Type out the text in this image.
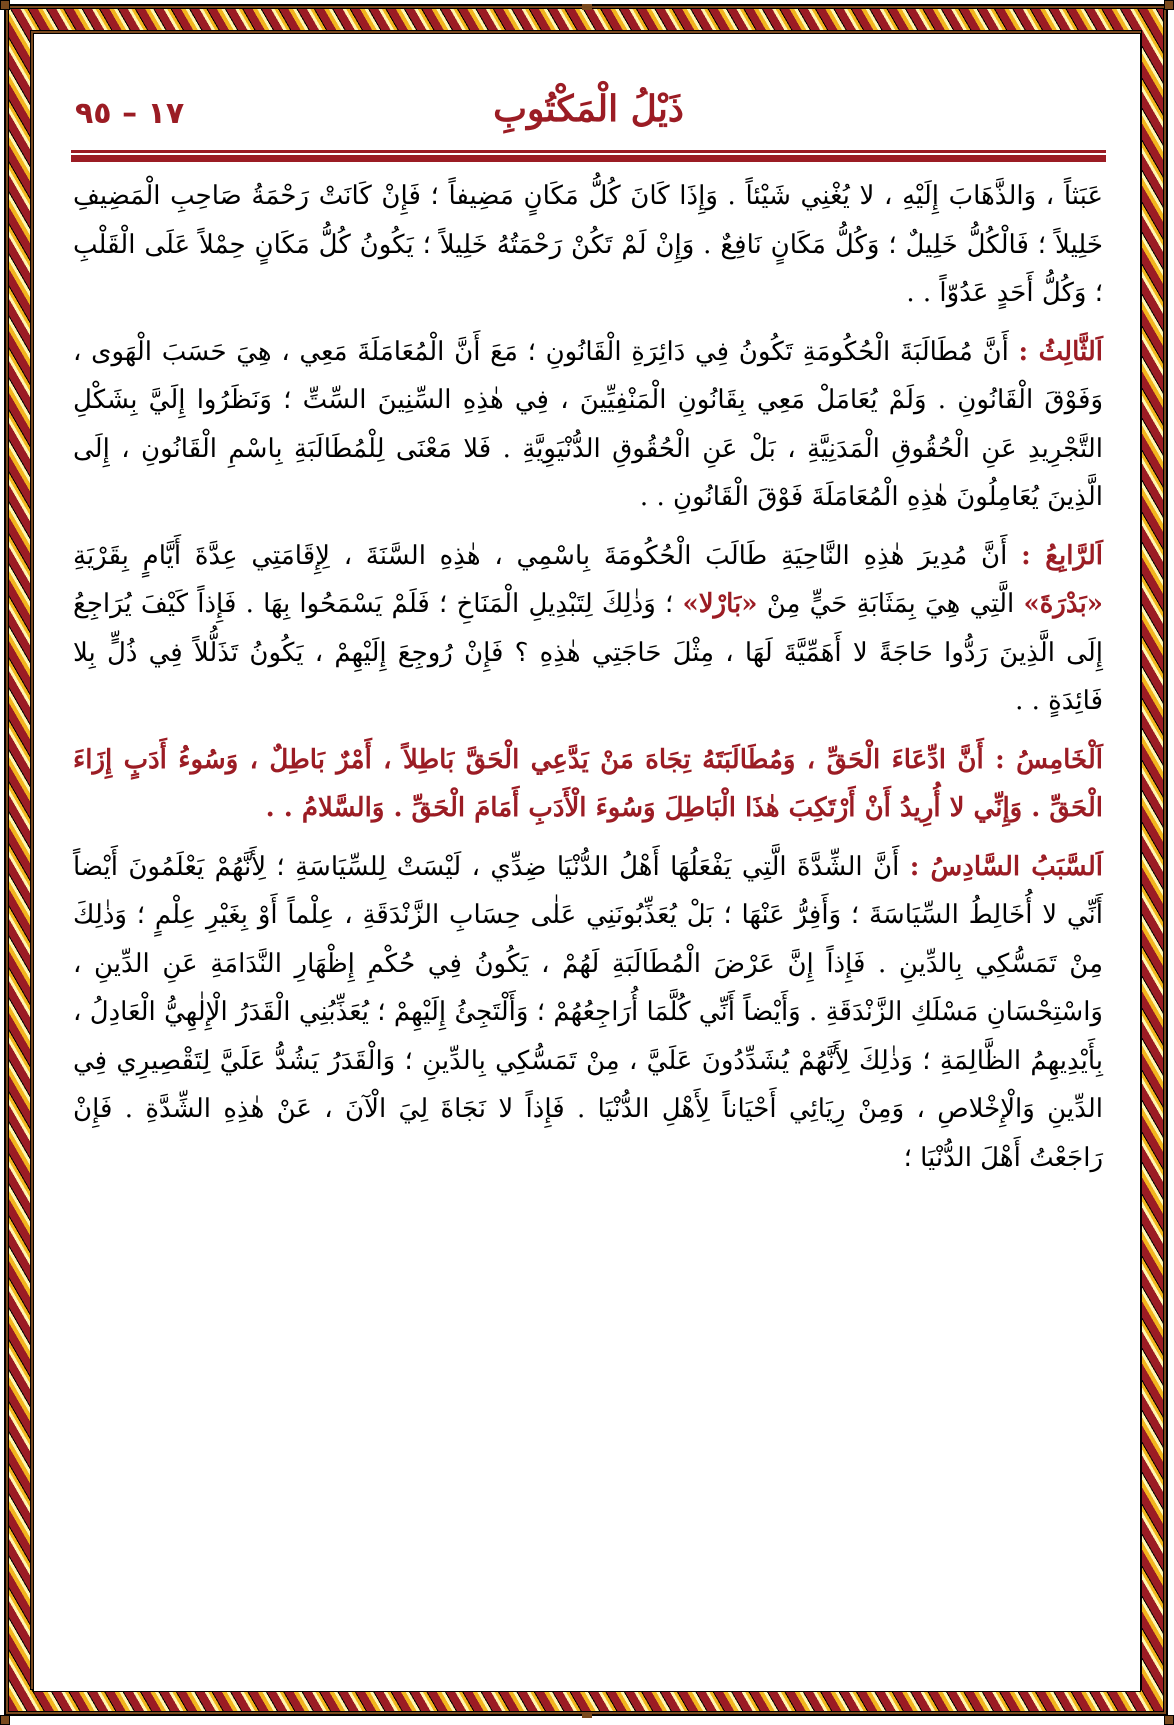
١٧ – ٩٥	ذَيْلُ الْمَكْتُوبِ

عَبَثاً ، وَالذَّهَابَ إِلَيْهِ ، لا يُغْنِي شَيْئاً . وَإِذَا كَانَ كُلُّ مَكَانٍ مَضِيفاً ؛ فَإِنْ كَانَتْ رَحْمَةُ صَاحِبِ الْمَضِيفِ خَلِيلاً ؛ فَالْكُلُّ خَلِيلٌ ؛ وَكُلُّ مَكَانٍ نَافِعٌ . وَإِنْ لَمْ تَكُنْ رَحْمَتُهُ خَلِيلاً ؛ يَكُونُ كُلُّ مَكَانٍ حِمْلاً عَلَى الْقَلْبِ ؛ وَكُلُّ أَحَدٍ عَدُوّاً . .

اَلثَّالِثُ : أَنَّ مُطَالَبَةَ الْحُكُومَةِ تَكُونُ فِي دَائِرَةِ الْقَانُونِ ؛ مَعَ أَنَّ الْمُعَامَلَةَ مَعِي ، هِيَ حَسَبَ الْهَوى ، وَفَوْقَ الْقَانُونِ . وَلَمْ يُعَامَلْ مَعِي بِقَانُونِ الْمَنْفِيِّينَ ، فِي هٰذِهِ السِّنِينَ السِّتِّ ؛ وَنَظَرُوا إِلَيَّ بِشَكْلِ التَّجْرِيدِ عَنِ الْحُقُوقِ الْمَدَنِيَّةِ ، بَلْ عَنِ الْحُقُوقِ الدُّنْيَوِيَّةِ . فَلا مَعْنَى لِلْمُطَالَبَةِ بِاسْمِ الْقَانُونِ ، إِلَى الَّذِينَ يُعَامِلُونَ هٰذِهِ الْمُعَامَلَةَ فَوْقَ الْقَانُونِ . .

اَلرَّابِعُ : أَنَّ مُدِيرَ هٰذِهِ النَّاحِيَةِ طَالَبَ الْحُكُومَةَ بِاسْمِي ، هٰذِهِ السَّنَةَ ، لِإِقَامَتِي عِدَّةَ أَيَّامٍ بِقَرْيَةِ «بَدْرَةَ» الَّتِي هِيَ بِمَثَابَةِ حَيٍّ مِنْ «بَارْلا» ؛ وَذٰلِكَ لِتَبْدِيلِ الْمَنَاخِ ؛ فَلَمْ يَسْمَحُوا بِهَا . فَإِذاً كَيْفَ يُرَاجِعُ إِلَى الَّذِينَ رَدُّوا حَاجَةً لا أَهَمِّيَّةَ لَهَا ، مِثْلَ حَاجَتِي هٰذِهِ ؟ فَإِنْ رُوجِعَ إِلَيْهِمْ ، يَكُونُ تَذَلُّلاً فِي ذُلٍّ بِلا فَائِدَةٍ . .

اَلْخَامِسُ : أَنَّ ادِّعَاءَ الْحَقِّ ، وَمُطَالَبَتَهُ تِجَاهَ مَنْ يَدَّعِي الْحَقَّ بَاطِلاً ، أَمْرٌ بَاطِلٌ ، وَسُوءُ أَدَبٍ إِزَاءَ الْحَقِّ . وَإِنِّي لا أُرِيدُ أَنْ أَرْتَكِبَ هٰذَا الْبَاطِلَ وَسُوءَ الْأَدَبِ أَمَامَ الْحَقِّ . وَالسَّلامُ . .

اَلسَّبَبُ السَّادِسُ : أَنَّ الشِّدَّةَ الَّتِي يَفْعَلُهَا أَهْلُ الدُّنْيَا ضِدِّي ، لَيْسَتْ لِلسِّيَاسَةِ ؛ لِأَنَّهُمْ يَعْلَمُونَ أَيْضاً أَنِّي لا أُخَالِطُ السِّيَاسَةَ ؛ وَأَفِرُّ عَنْهَا ؛ بَلْ يُعَذِّبُونَنِي عَلٰى حِسَابِ الزَّنْدَقَةِ ، عِلْماً أَوْ بِغَيْرِ عِلْمٍ ؛ وَذٰلِكَ مِنْ تَمَسُّكِي بِالدِّينِ . فَإِذاً إِنَّ عَرْضَ الْمُطَالَبَةِ لَهُمْ ، يَكُونُ فِي حُكْمِ إِظْهَارِ النَّدَامَةِ عَنِ الدِّينِ ، وَاسْتِحْسَانِ مَسْلَكِ الزَّنْدَقَةِ . وَأَيْضاً أَنِّي كُلَّمَا أُرَاجِعُهُمْ ؛ وَأَلْتَجِئُ إِلَيْهِمْ ؛ يُعَذِّبُنِي الْقَدَرُ الْإِلٰهِيُّ الْعَادِلُ ، بِأَيْدِيهِمُ الظَّالِمَةِ ؛ وَذٰلِكَ لِأَنَّهُمْ يُشَدِّدُونَ عَلَيَّ ، مِنْ تَمَسُّكِي بِالدِّينِ ؛ وَالْقَدَرُ يَشُدُّ عَلَيَّ لِتَقْصِيرِي فِي الدِّينِ وَالْإِخْلاصِ ، وَمِنْ رِيَائِي أَحْيَاناً لِأَهْلِ الدُّنْيَا . فَإِذاً لا نَجَاةَ لِيَ الْآنَ ، عَنْ هٰذِهِ الشِّدَّةِ . فَإِنْ رَاجَعْتُ أَهْلَ الدُّنْيَا ؛
